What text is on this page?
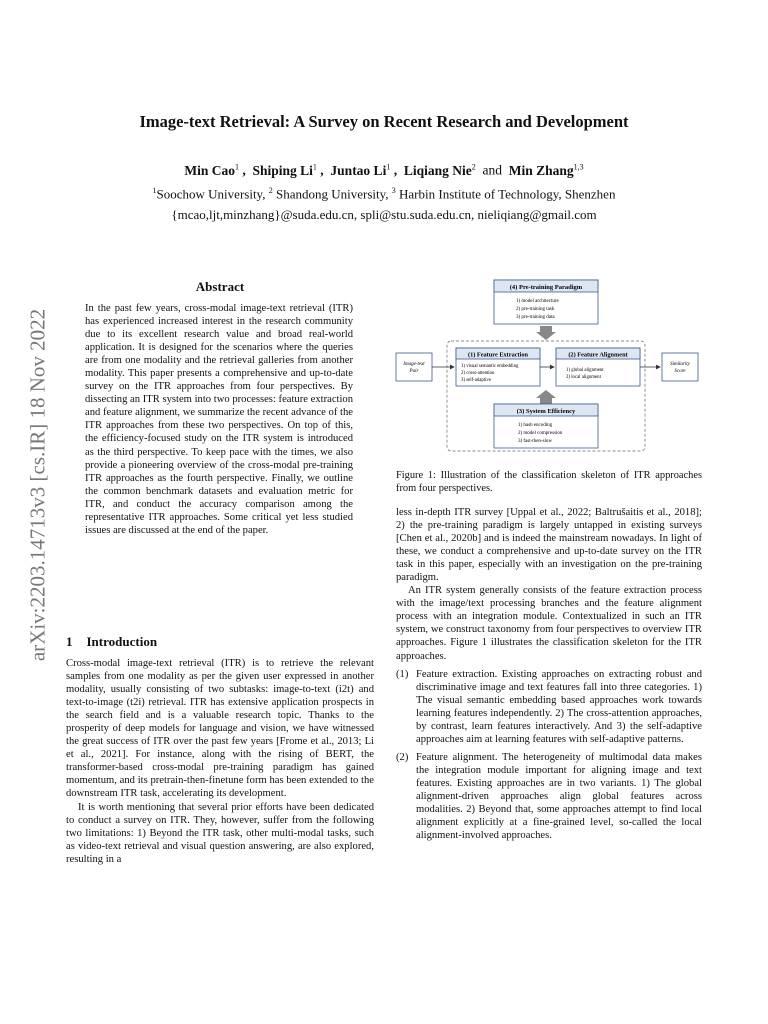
arXiv:2203.14713v3 [cs.IR] 18 Nov 2022
Image-text Retrieval: A Survey on Recent Research and Development
Min Cao$^1$ ,  Shiping Li$^1$ ,  Juntao Li$^1$ ,  Liqiang Nie$^2$ and Min Zhang$^{1,3}$
$^1$Soochow University, $^2$ Shandong University, $^3$ Harbin Institute of Technology, Shenzhen
{mcao,ljt,minzhang}@suda.edu.cn, spli@stu.suda.edu.cn, nieliqiang@gmail.com
Abstract
In the past few years, cross-modal image-text retrieval (ITR) has experienced increased interest in the research community due to its excellent research value and broad real-world application. It is designed for the scenarios where the queries are from one modality and the retrieval galleries from another modality. This paper presents a comprehensive and up-to-date survey on the ITR approaches from four perspectives. By dissecting an ITR system into two processes: feature extraction and feature alignment, we summarize the recent advance of the ITR approaches from these two perspectives. On top of this, the efficiency-focused study on the ITR system is introduced as the third perspective. To keep pace with the times, we also provide a pioneering overview of the cross-modal pre-training ITR approaches as the fourth perspective. Finally, we outline the common benchmark datasets and evaluation metric for ITR, and conduct the accuracy comparison among the representative ITR approaches. Some critical yet less studied issues are discussed at the end of the paper.
1 Introduction

Cross-modal image-text retrieval (ITR) is to retrieve the relevant samples from one modality as per the given user expressed in another modality, usually consisting of two subtasks: image-to-text (i2t) and text-to-image (t2i) retrieval. ITR has extensive application prospects in the search field and is a valuable research topic. Thanks to the prosperity of deep models for language and vision, we have witnessed the great success of ITR over the past few years [Frome et al., 2013; Li et al., 2021]. For instance, along with the rising of BERT, the transformer-based cross-modal pre-training paradigm has gained momentum, and its pretrain-then-finetune form has been extended to the downstream ITR task, accelerating its development.

It is worth mentioning that several prior efforts have been dedicated to conduct a survey on ITR. They, however, suffer from the following two limitations: 1) Beyond the ITR task, other multi-modal tasks, such as video-text retrieval and visual question answering, are also explored, resulting in a

(4) Pre-training Paradigm
1) model architecture
2) pre-training task
3) pre-training data
(1) Feature Extraction
1) visual semantic embedding
2) cross-attention
3) self-adaptive
(2) Feature Alignment
1) global alignment
2) local alignment
Image-text
Pair
Similarity
Score
(3) System Efficiency
1) hash encoding
2) model compression
3) fast-then-slow
Figure 1: Illustration of the classification skeleton of ITR approaches from four perspectives.

less in-depth ITR survey [Uppal et al., 2022; Baltrušaitis et al., 2018]; 2) the pre-training paradigm is largely untapped in existing surveys [Chen et al., 2020b] and is indeed the mainstream nowadays. In light of these, we conduct a comprehensive and up-to-date survey on the ITR task in this paper, especially with an investigation on the pre-training paradigm.

An ITR system generally consists of the feature extraction process with the image/text processing branches and the feature alignment process with an integration module. Contextualized in such an ITR system, we construct taxonomy from four perspectives to overview ITR approaches. Figure 1 illustrates the classification skeleton for the ITR approaches.

(1) Feature extraction. Existing approaches on extracting robust and discriminative image and text features fall into three categories. 1) The visual semantic embedding based approaches work towards learning features independently. 2) The cross-attention approaches, by contrast, learn features interactively. And 3) the self-adaptive approaches aim at learning features with self-adaptive patterns.

(2) Feature alignment. The heterogeneity of multimodal data makes the integration module important for aligning image and text features. Existing approaches are in two variants. 1) The global alignment-driven approaches align global features across modalities. 2) Beyond that, some approaches attempt to find local alignment explicitly at a fine-grained level, so-called the local alignment-involved approaches.
